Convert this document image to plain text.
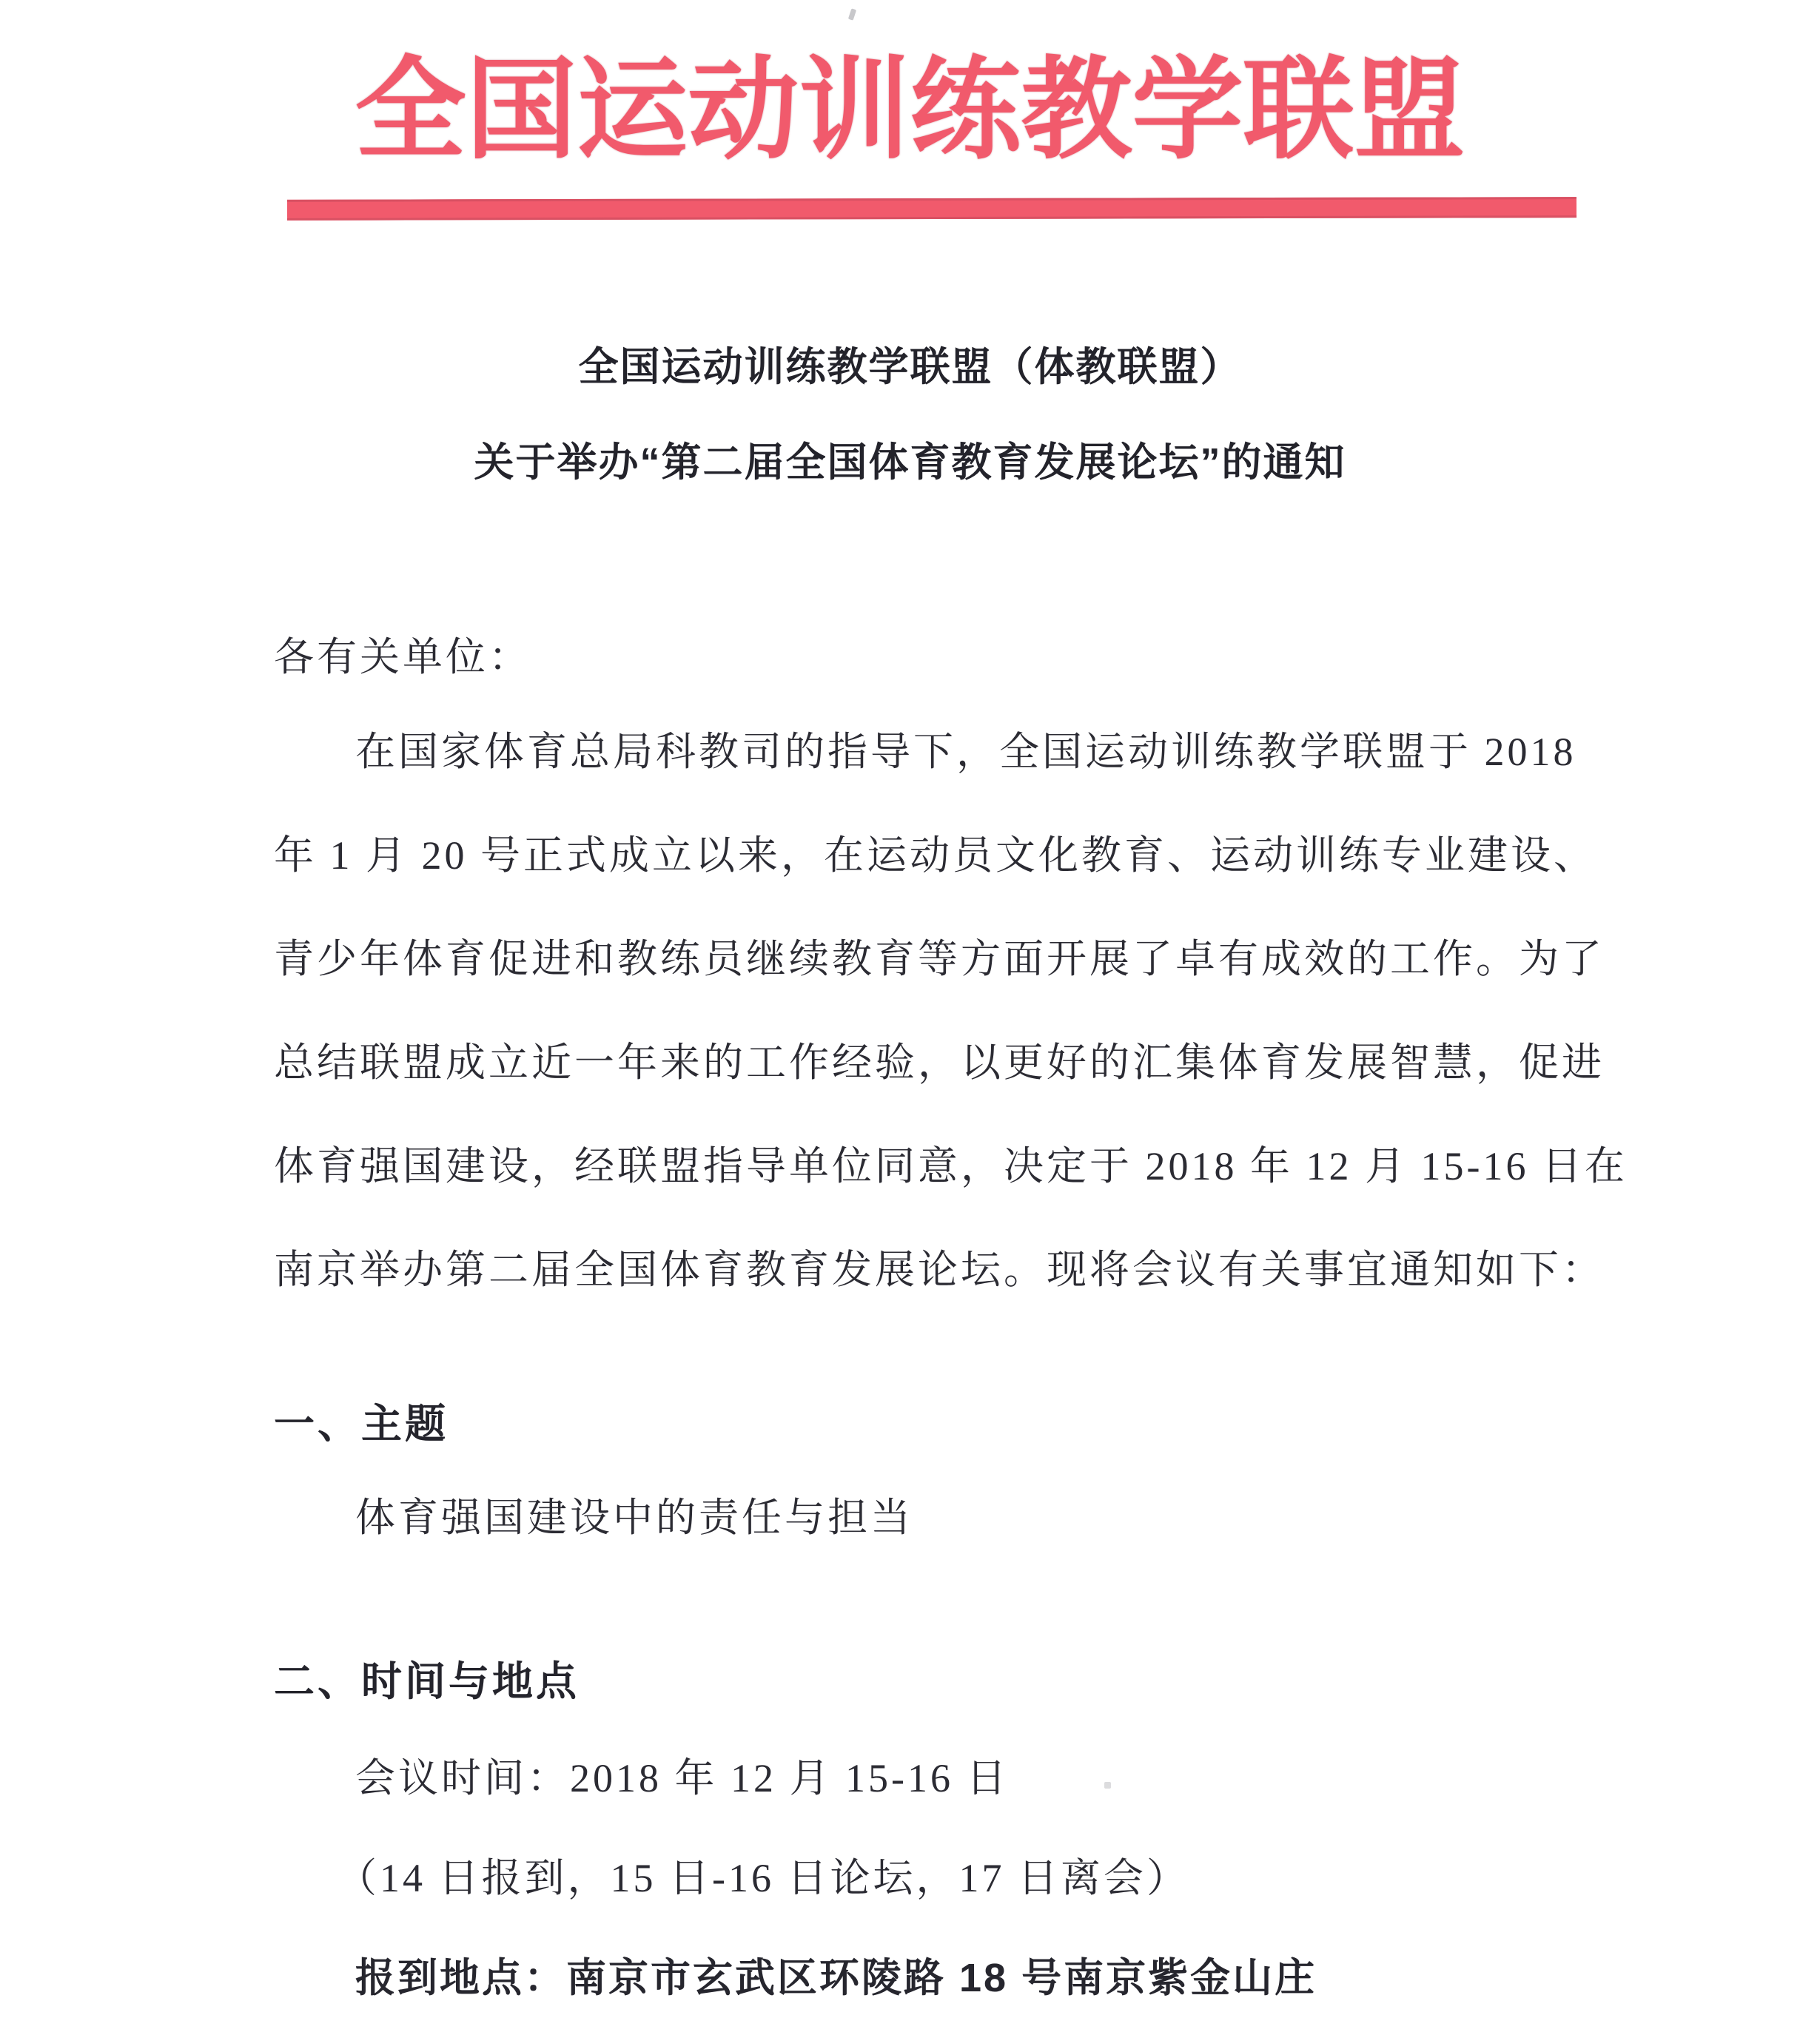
全国运动训练教学联盟
全国运动训练教学联盟（体教联盟）
关于举办“第二届全国体育教育发展论坛”的通知
各有关单位：
在国家体育总局科教司的指导下，全国运动训练教学联盟于 2018
年 1 月 20 号正式成立以来，在运动员文化教育、运动训练专业建设、
青少年体育促进和教练员继续教育等方面开展了卓有成效的工作。为了
总结联盟成立近一年来的工作经验，以更好的汇集体育发展智慧，促进
体育强国建设，经联盟指导单位同意，决定于 2018 年 12 月 15-16 日在
南京举办第二届全国体育教育发展论坛。现将会议有关事宜通知如下：
一、主题
体育强国建设中的责任与担当
二、时间与地点
会议时间：2018 年 12 月 15-16 日
（14 日报到，15 日-16 日论坛，17 日离会）
报到地点：南京市玄武区环陵路 18 号南京紫金山庄
